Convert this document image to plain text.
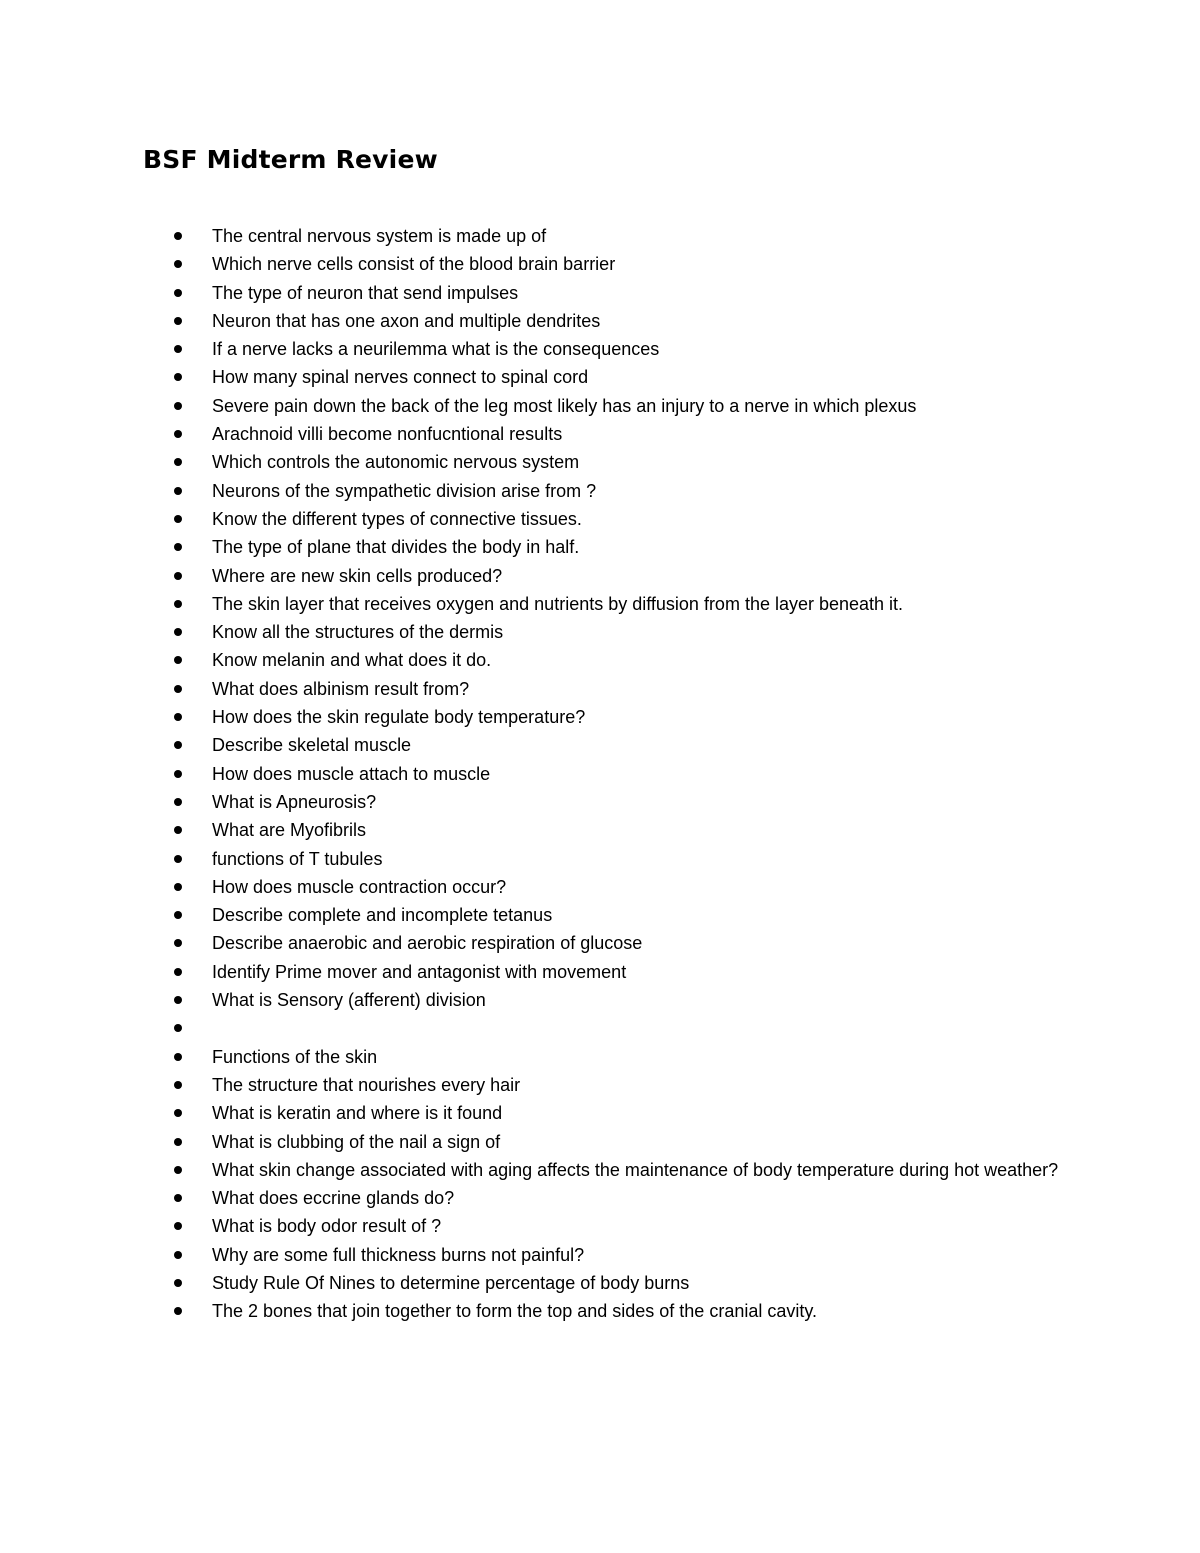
BSF Midterm Review
The central nervous system is made up of
Which nerve cells consist of the blood brain barrier
The type of neuron that send impulses
Neuron that has one axon and multiple dendrites
If a nerve lacks a neurilemma what is the consequences
How many spinal nerves connect to spinal cord
Severe pain down the back of the leg most likely has an injury to a nerve in which plexus
Arachnoid villi become nonfucntional results
Which controls the autonomic nervous system
Neurons of the sympathetic division arise from ?
Know the different types of connective tissues.
The type of plane that divides the body in half.
Where are new skin cells produced?
The skin layer that receives oxygen and nutrients by diffusion from the layer beneath it.
Know all the structures of the dermis
Know melanin and what does it do.
What does albinism result from?
How does the skin regulate body temperature?
Describe skeletal muscle
How does muscle attach to muscle
What is Apneurosis?
What are Myofibrils
functions of T tubules
How does muscle contraction occur?
Describe complete and incomplete tetanus
Describe anaerobic and aerobic respiration of glucose
Identify Prime mover and antagonist with movement
What is Sensory (afferent) division
Functions of the skin
The structure that nourishes every hair
What is keratin and where is it found
What is clubbing of the nail a sign of
What skin change associated with aging affects the maintenance of body temperature during hot weather?
What does eccrine glands do?
What is body odor result of ?
Why are some full thickness burns not painful?
Study Rule Of Nines to determine percentage of body burns
The 2 bones that join together to form the top and sides of the cranial cavity.
